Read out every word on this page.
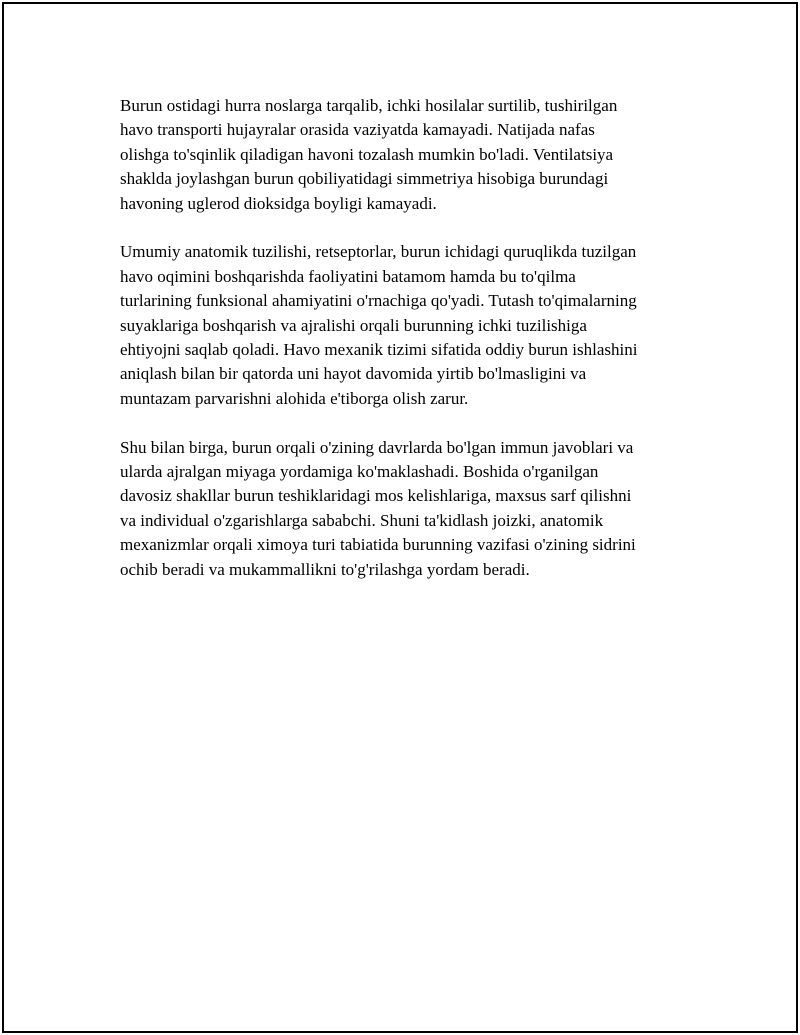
Burun ostidagi hurra noslarga tarqalib, ichki hosilalar surtilib, tushirilgan
havo transporti hujayralar orasida vaziyatda kamayadi. Natijada nafas
olishga to'sqinlik qiladigan havoni tozalash mumkin bo'ladi. Ventilatsiya
shaklda joylashgan burun qobiliyatidagi simmetriya hisobiga burundagi
havoning uglerod dioksidga boyligi kamayadi.

Umumiy anatomik tuzilishi, retseptorlar, burun ichidagi quruqlikda tuzilgan
havo oqimini boshqarishda faoliyatini batamom hamda bu to'qilma
turlarining funksional ahamiyatini o'rnachiga qo'yadi. Tutash to'qimalarning
suyaklariga boshqarish va ajralishi orqali burunning ichki tuzilishiga
ehtiyojni saqlab qoladi. Havo mexanik tizimi sifatida oddiy burun ishlashini
aniqlash bilan bir qatorda uni hayot davomida yirtib bo'lmasligini va
muntazam parvarishni alohida e'tiborga olish zarur.

Shu bilan birga, burun orqali o'zining davrlarda bo'lgan immun javoblari va
ularda ajralgan miyaga yordamiga ko'maklashadi. Boshida o'rganilgan
davosiz shakllar burun teshiklaridagi mos kelishlariga, maxsus sarf qilishni
va individual o'zgarishlarga sababchi. Shuni ta'kidlash joizki, anatomik
mexanizmlar orqali ximoya turi tabiatida burunning vazifasi o'zining sidrini
ochib beradi va mukammallikni to'g'rilashga yordam beradi.
